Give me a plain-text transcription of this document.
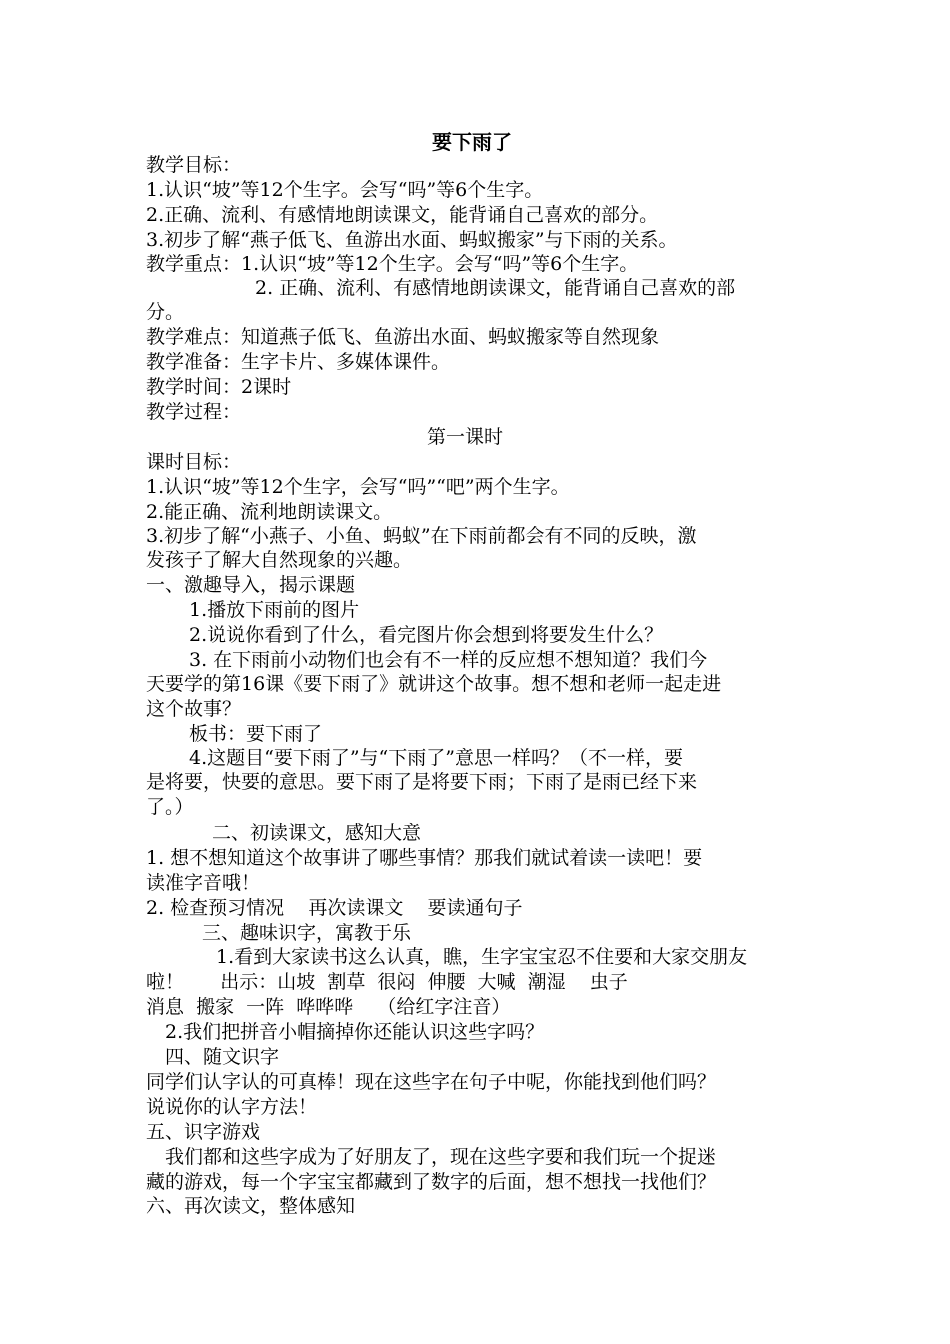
要下雨了
教学目标：
1.认识“坡”等12个生字。会写“吗”等6个生字。
2.正确、流利、有感情地朗读课文，能背诵自己喜欢的部分。
3.初步了解“燕子低飞、鱼游出水面、蚂蚁搬家”与下雨的关系。
教学重点：1.认识“坡”等12个生字。会写“吗”等6个生字。
2. 正确、流利、有感情地朗读课文，能背诵自己喜欢的部
分。
教学难点：知道燕子低飞、鱼游出水面、蚂蚁搬家等自然现象
教学准备：生字卡片、多媒体课件。
教学时间：2课时
教学过程：
第一课时
课时目标：
1.认识“坡”等12个生字，会写“吗”“吧”两个生字。
2.能正确、流利地朗读课文。
3.初步了解“小燕子、小鱼、蚂蚁”在下雨前都会有不同的反映，激
发孩子了解大自然现象的兴趣。
一、激趣导入，揭示课题
1.播放下雨前的图片
2.说说你看到了什么，看完图片你会想到将要发生什么？
3. 在下雨前小动物们也会有不一样的反应想不想知道？我们今
天要学的第16课《要下雨了》就讲这个故事。想不想和老师一起走进
这个故事？
板书：要下雨了
4.这题目“要下雨了”与“下雨了”意思一样吗？（不一样，要
是将要，快要的意思。要下雨了是将要下雨；下雨了是雨已经下来
了。）
二、初读课文，感知大意
1. 想不想知道这个故事讲了哪些事情？那我们就试着读一读吧！要
读准字音哦！
2. 检查预习情况    再次读课文    要读通句子
三、趣味识字，寓教于乐
1.看到大家读书这么认真，瞧，生字宝宝忍不住要和大家交朋友
啦！      出示：山坡  割草  很闷  伸腰  大喊  潮湿    虫子
消息  搬家  一阵  哗哗哗    （给红字注音）
2.我们把拼音小帽摘掉你还能认识这些字吗？
四、随文识字
同学们认字认的可真棒！现在这些字在句子中呢，你能找到他们吗？
说说你的认字方法！
五、识字游戏
我们都和这些字成为了好朋友了，现在这些字要和我们玩一个捉迷
藏的游戏，每一个字宝宝都藏到了数字的后面，想不想找一找他们？
六、再次读文，整体感知
